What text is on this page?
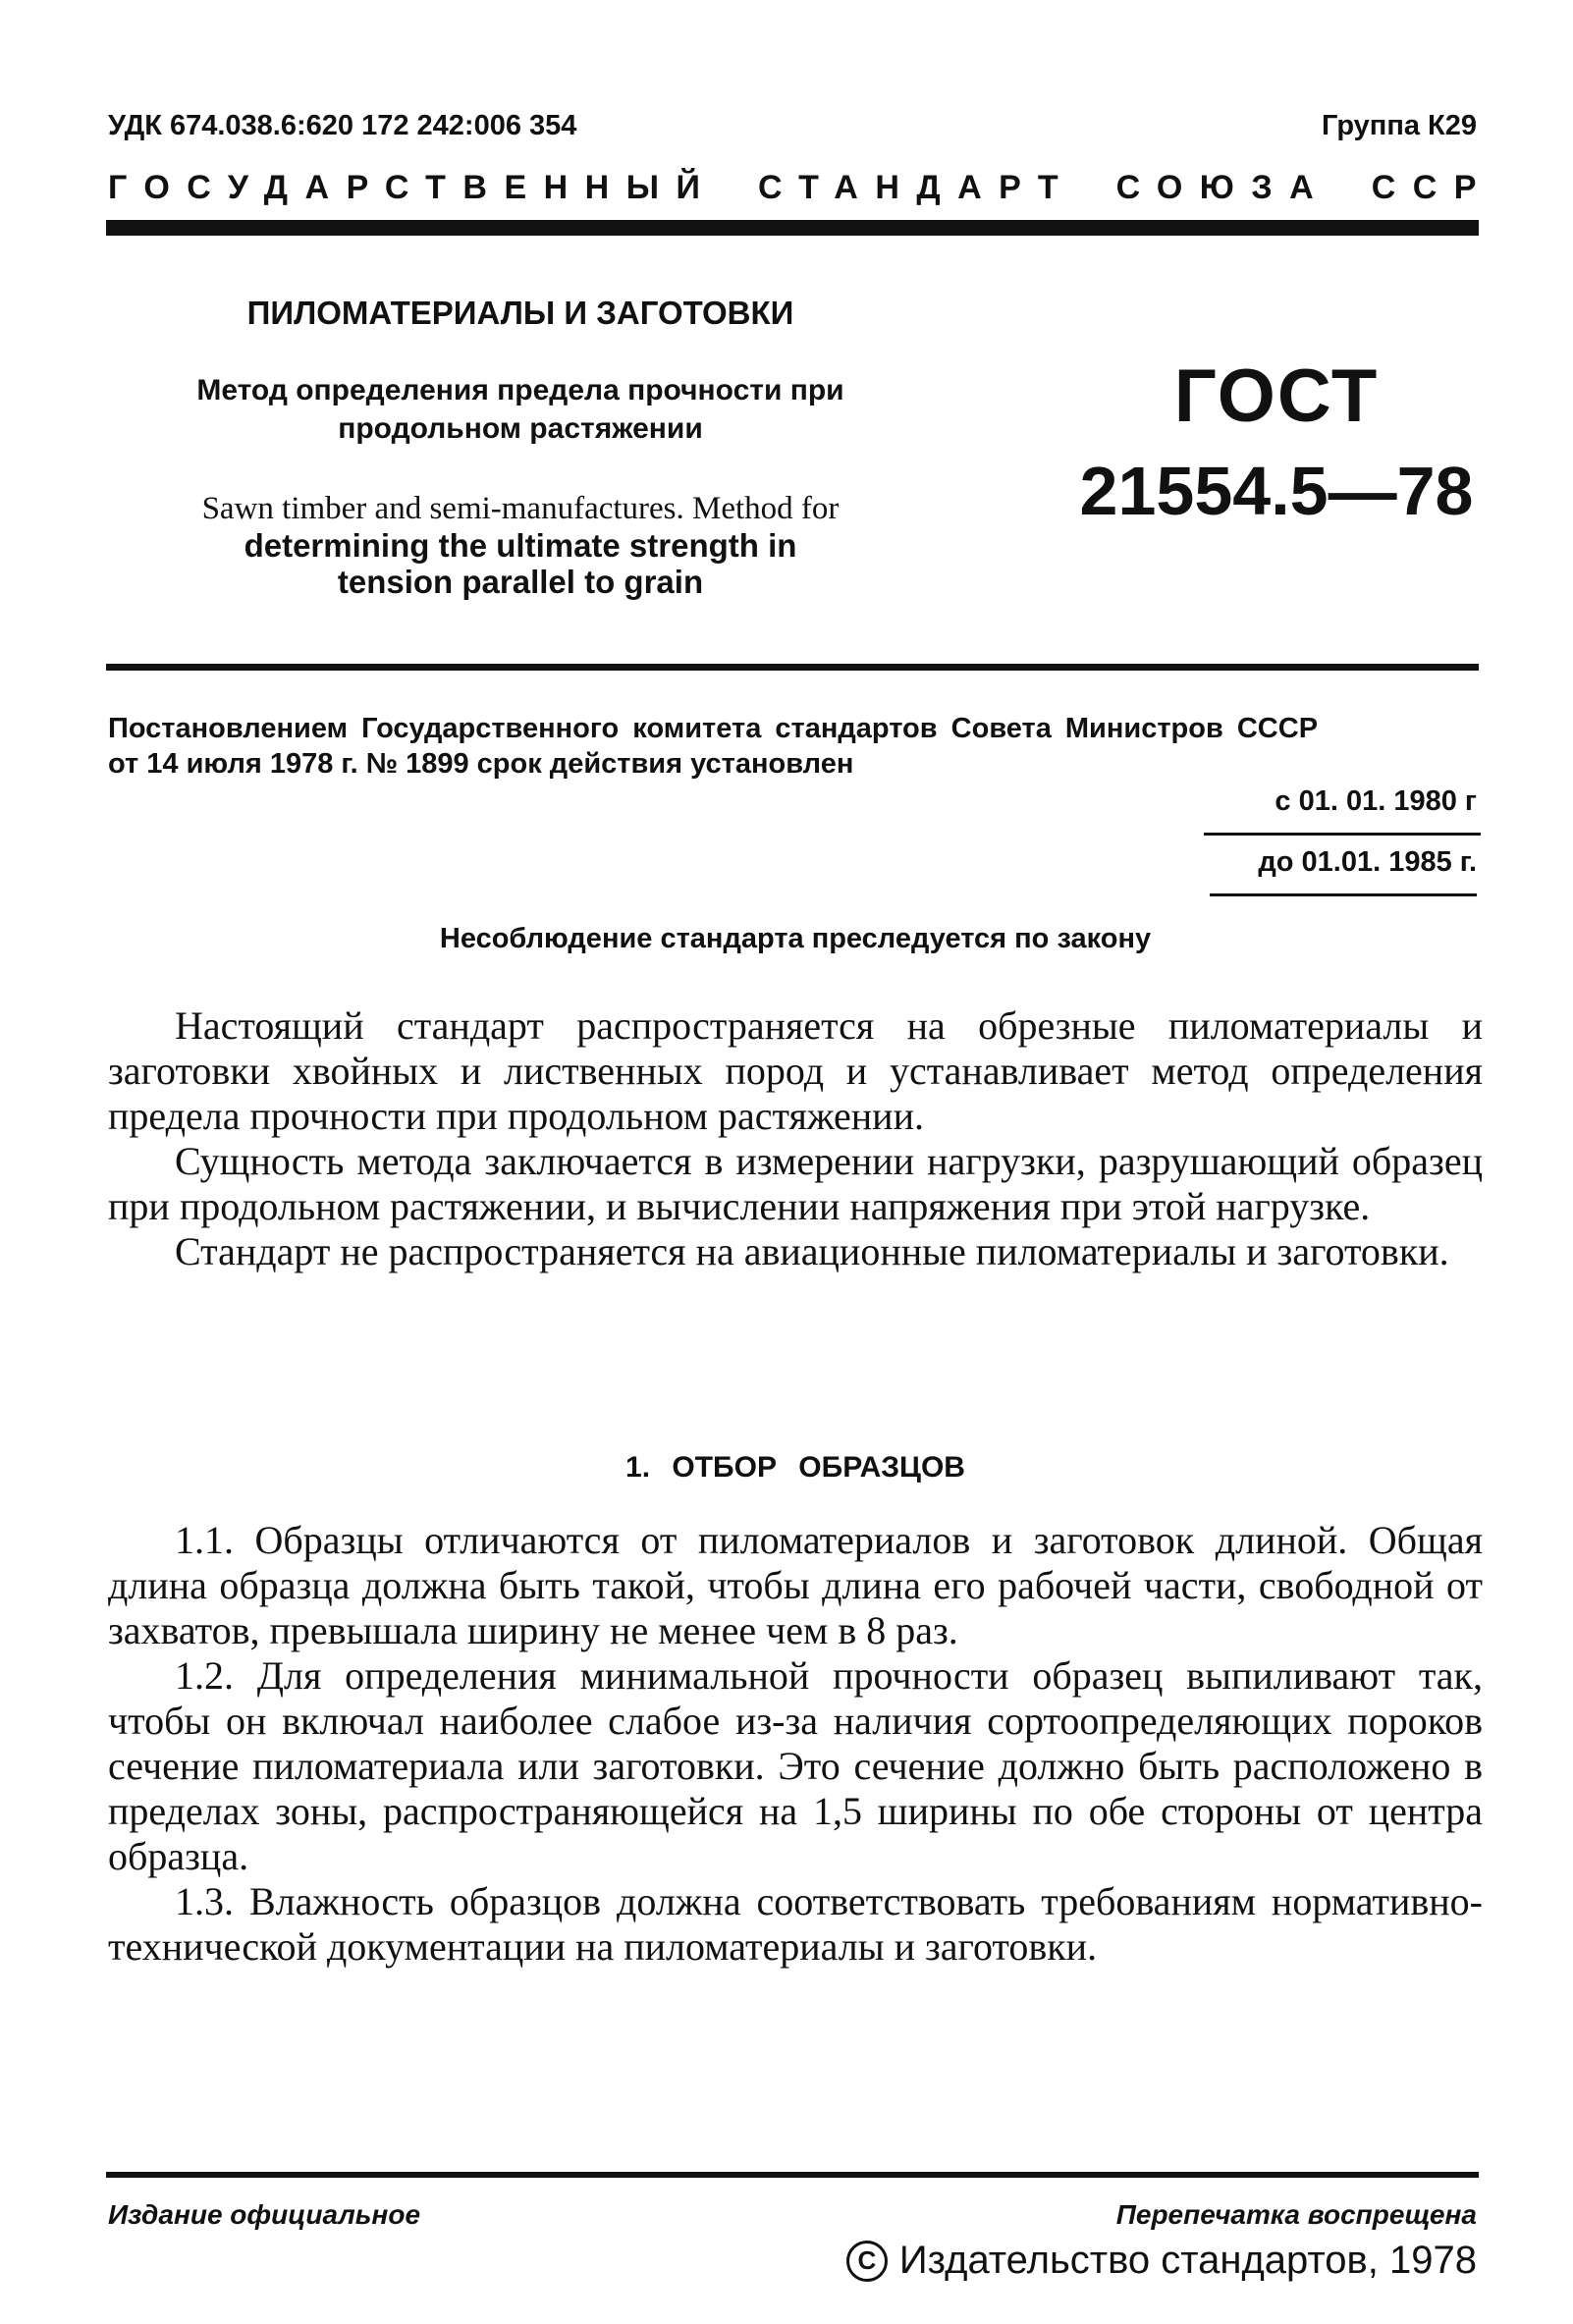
УДК 674.038.6:620 172 242:006 354	Группа К29
ГОСУДАРСТВЕННЫЙ СТАНДАРТ СОЮЗА ССР
ПИЛОМАТЕРИАЛЫ И ЗАГОТОВКИ
Метод определения предела прочности при
продольном растяжении
Sawn timber and semi-manufactures. Method for
determining the ultimate strength in
tension parallel to grain
ГОСТ
21554.5—78
Постановлением Государственного комитета стандартов Совета Министров СССР
от 14 июля 1978 г. № 1899 срок действия установлен
с 01. 01. 1980 г
до 01.01. 1985 г.
Несоблюдение стандарта преследуется по закону

Настоящий стандарт распространяется на обрезные пиломатериалы и заготовки хвойных и лиственных пород и устанавливает метод определения предела прочности при продольном растяжении.

Сущность метода заключается в измерении нагрузки, разрушающий образец при продольном растяжении, и вычислении напряжения при этой нагрузке.

Стандарт не распространяется на авиационные пиломатериалы и заготовки.

1. ОТБОР ОБРАЗЦОВ

1.1. Образцы отличаются от пиломатериалов и заготовок длиной. Общая длина образца должна быть такой, чтобы длина его рабочей части, свободной от захватов, превышала ширину не менее чем в 8 раз.

1.2. Для определения минимальной прочности образец выпиливают так, чтобы он включал наиболее слабое из-за наличия сортоопределяющих пороков сечение пиломатериала или заготовки. Это сечение должно быть расположено в пределах зоны, распространяющейся на 1,5 ширины по обе стороны от центра образца.

1.3. Влажность образцов должна соответствовать требованиям нормативно-технической документации на пиломатериалы и заготовки.

Издание официальное	Перепечатка воспрещена
C Издательство стандартов, 1978
